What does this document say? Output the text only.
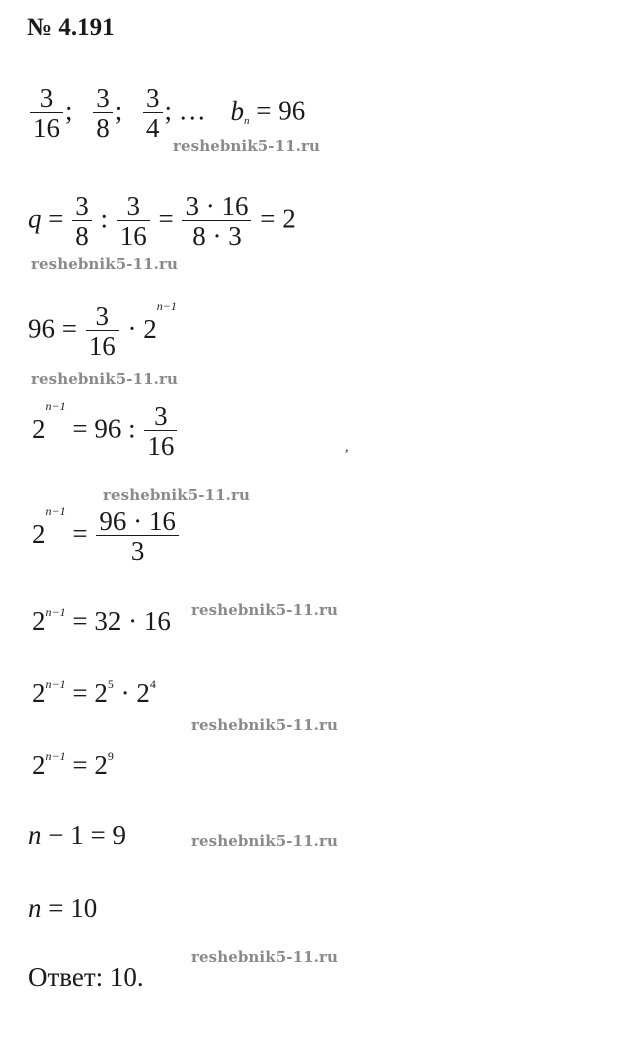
№ 4.191
$\frac{3}{16}$ ; $\frac{3}{8}$ ; $\frac{3}{4}$ ; … $b_n = 96$
reshebnik5-11.ru
$q = \frac{3}{8}$ : $\frac{3}{16} = \frac{3 \cdot 16}{8 \cdot 3} = 2$
reshebnik5-11.ru
$96 = \frac{3}{16} \cdot 2^{n-1}$
reshebnik5-11.ru
$2^{n-1} = 96$ : $\frac{3}{16}$	,
reshebnik5-11.ru
$2^{n-1} = \frac{96 \cdot 16}{3}$
$2^{n-1} = 32 \cdot 16$ reshebnik5-11.ru
$2^{n-1} = 2^5 \cdot 2^4$
reshebnik5-11.ru
$2^{n-1} = 2^9$
n − 1 = 9	reshebnik5-11.ru
n = 10
reshebnik5-11.ru
Ответ: 10.
